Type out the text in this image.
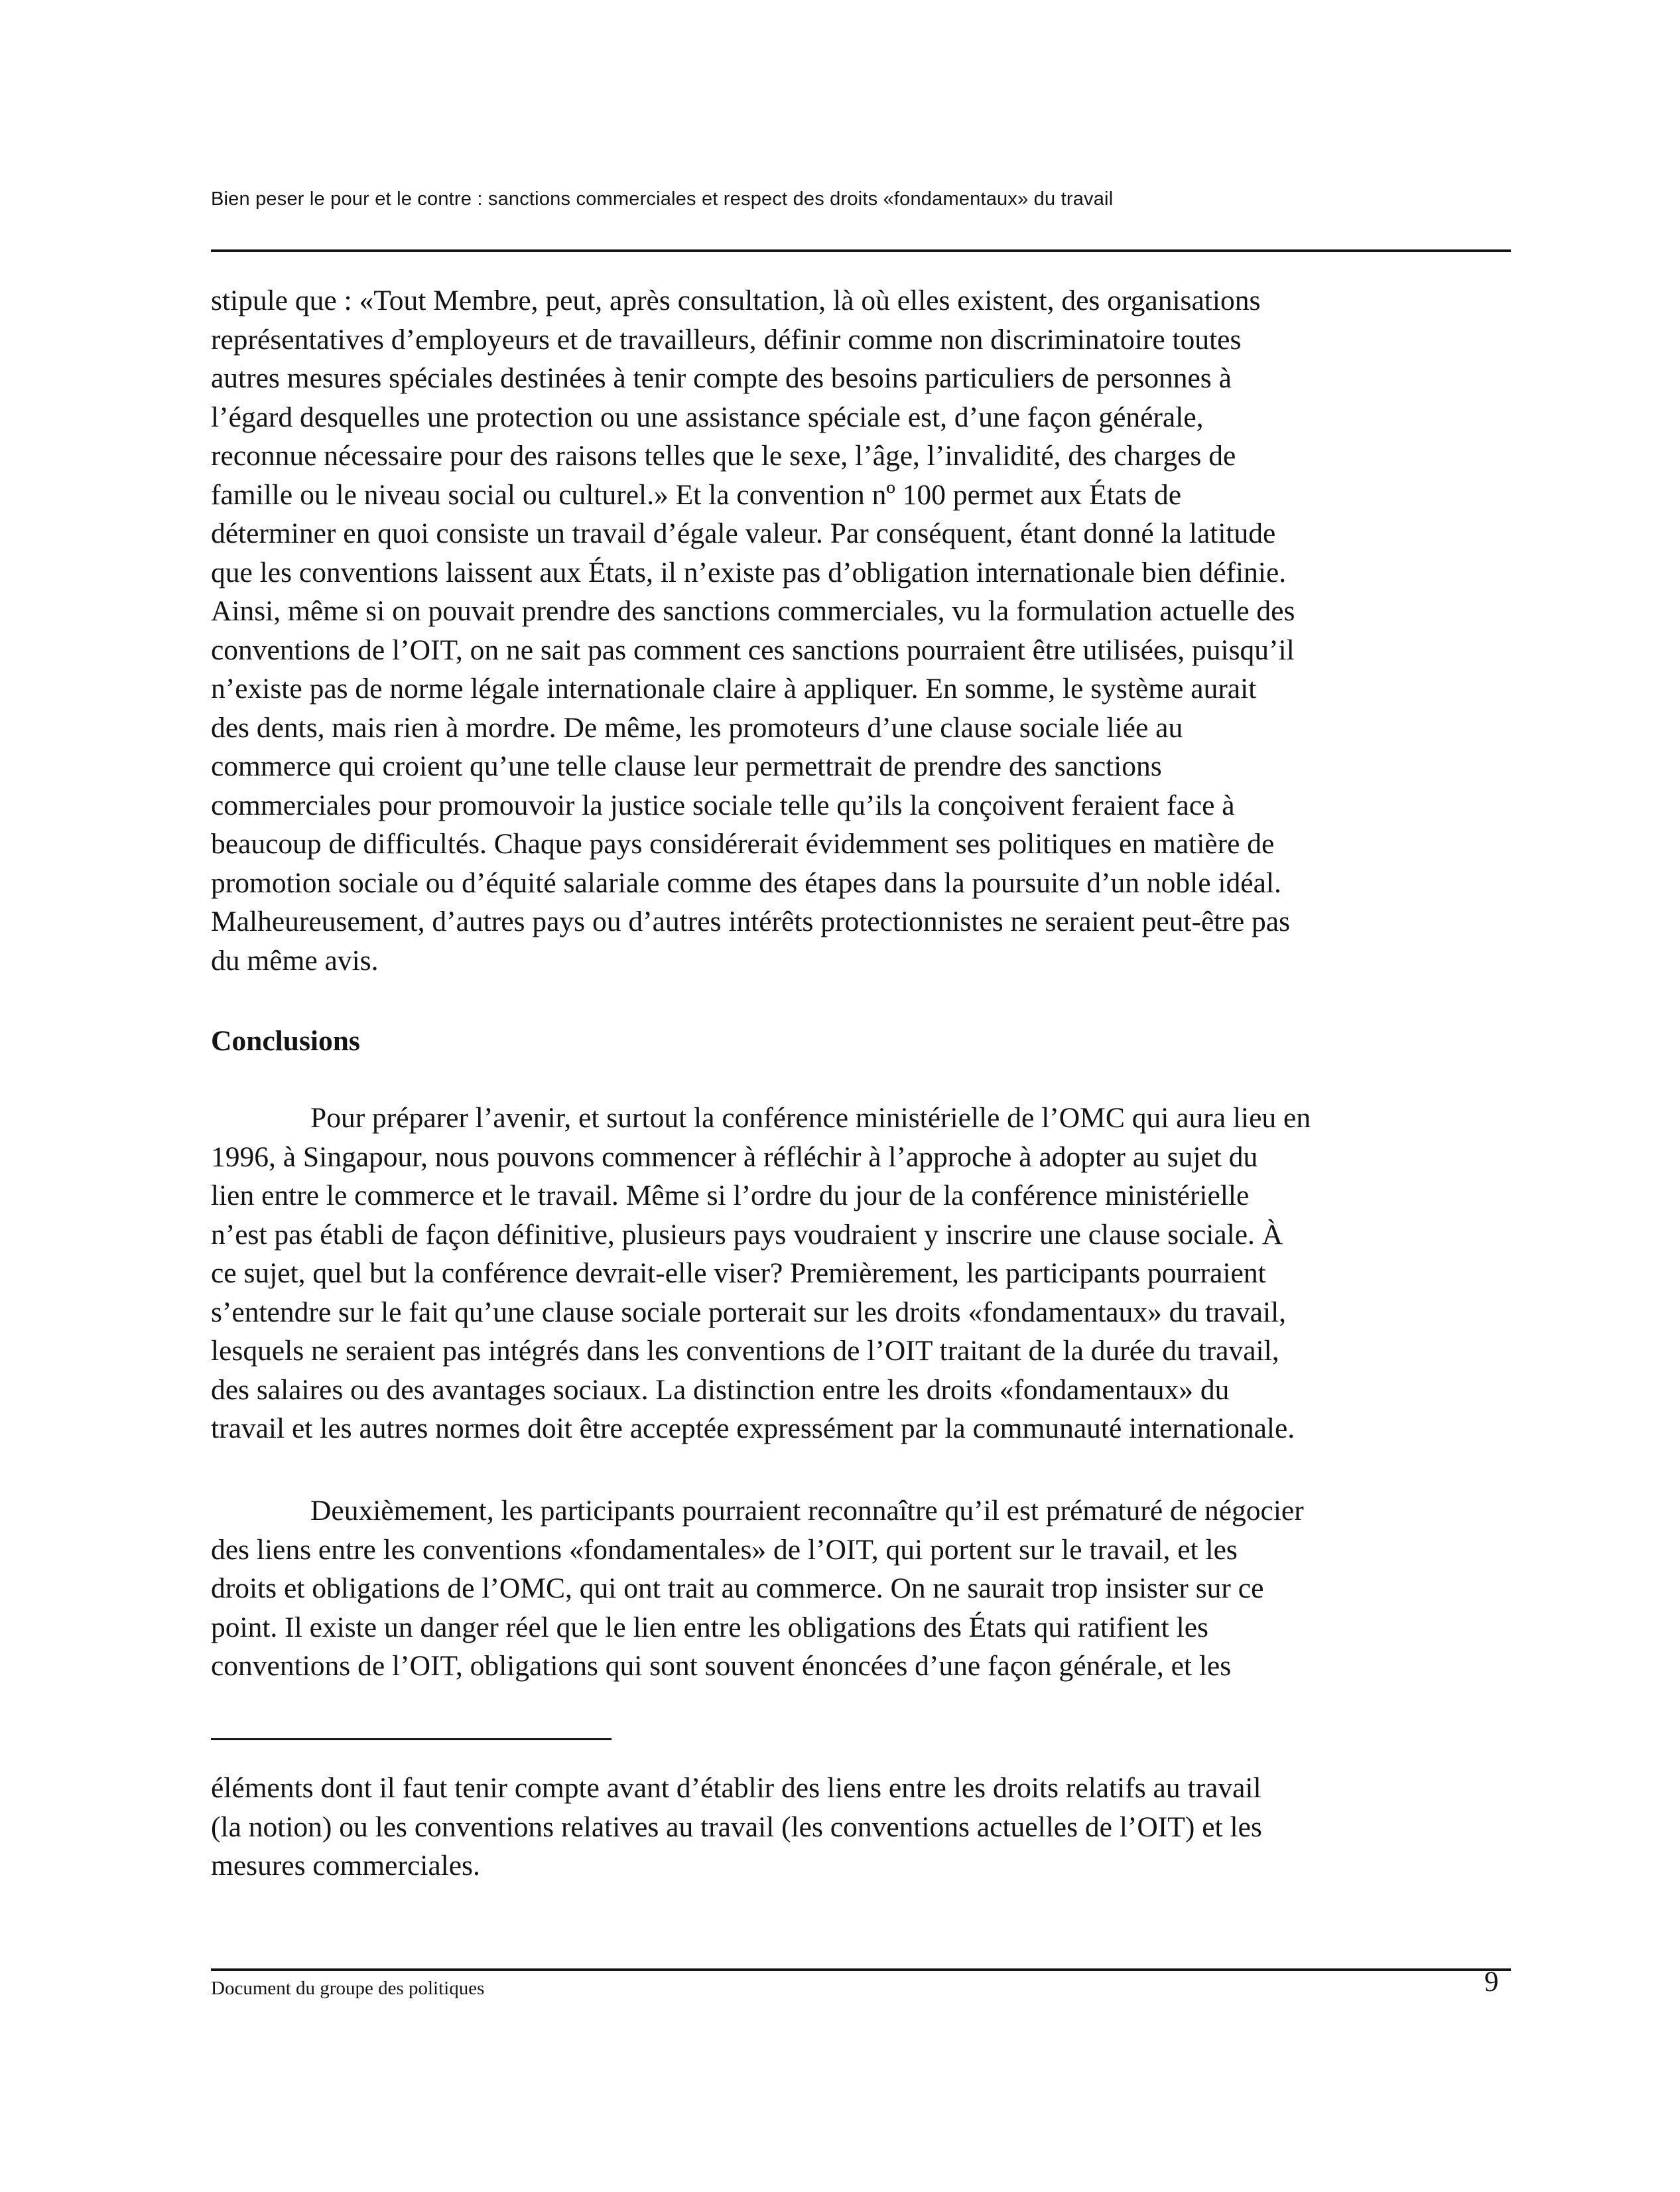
Bien peser le pour et le contre : sanctions commerciales et respect des droits «fondamentaux» du travail
stipule que : «Tout Membre, peut, après consultation, là où elles existent, des organisations
représentatives d’employeurs et de travailleurs, définir comme non discriminatoire toutes
autres mesures spéciales destinées à tenir compte des besoins particuliers de personnes à
l’égard desquelles une protection ou une assistance spéciale est, d’une façon générale,
reconnue nécessaire pour des raisons telles que le sexe, l’âge, l’invalidité, des charges de
famille ou le niveau social ou culturel.» Et la convention nº 100 permet aux États de
déterminer en quoi consiste un travail d’égale valeur. Par conséquent, étant donné la latitude
que les conventions laissent aux États, il n’existe pas d’obligation internationale bien définie.
Ainsi, même si on pouvait prendre des sanctions commerciales, vu la formulation actuelle des
conventions de l’OIT, on ne sait pas comment ces sanctions pourraient être utilisées, puisqu’il
n’existe pas de norme légale internationale claire à appliquer. En somme, le système aurait
des dents, mais rien à mordre. De même, les promoteurs d’une clause sociale liée au
commerce qui croient qu’une telle clause leur permettrait de prendre des sanctions
commerciales pour promouvoir la justice sociale telle qu’ils la conçoivent feraient face à
beaucoup de difficultés. Chaque pays considérerait évidemment ses politiques en matière de
promotion sociale ou d’équité salariale comme des étapes dans la poursuite d’un noble idéal.
Malheureusement, d’autres pays ou d’autres intérêts protectionnistes ne seraient peut-être pas
du même avis.
Conclusions
Pour préparer l’avenir, et surtout la conférence ministérielle de l’OMC qui aura lieu en
1996, à Singapour, nous pouvons commencer à réfléchir à l’approche à adopter au sujet du
lien entre le commerce et le travail. Même si l’ordre du jour de la conférence ministérielle
n’est pas établi de façon définitive, plusieurs pays voudraient y inscrire une clause sociale. À
ce sujet, quel but la conférence devrait-elle viser? Premièrement, les participants pourraient
s’entendre sur le fait qu’une clause sociale porterait sur les droits «fondamentaux» du travail,
lesquels ne seraient pas intégrés dans les conventions de l’OIT traitant de la durée du travail,
des salaires ou des avantages sociaux. La distinction entre les droits «fondamentaux» du
travail et les autres normes doit être acceptée expressément par la communauté internationale.
Deuxièmement, les participants pourraient reconnaître qu’il est prématuré de négocier
des liens entre les conventions «fondamentales» de l’OIT, qui portent sur le travail, et les
droits et obligations de l’OMC, qui ont trait au commerce. On ne saurait trop insister sur ce
point. Il existe un danger réel que le lien entre les obligations des États qui ratifient les
conventions de l’OIT, obligations qui sont souvent énoncées d’une façon générale, et les
éléments dont il faut tenir compte avant d’établir des liens entre les droits relatifs au travail
(la notion) ou les conventions relatives au travail (les conventions actuelles de l’OIT) et les
mesures commerciales.
Document du groupe des politiques	9
